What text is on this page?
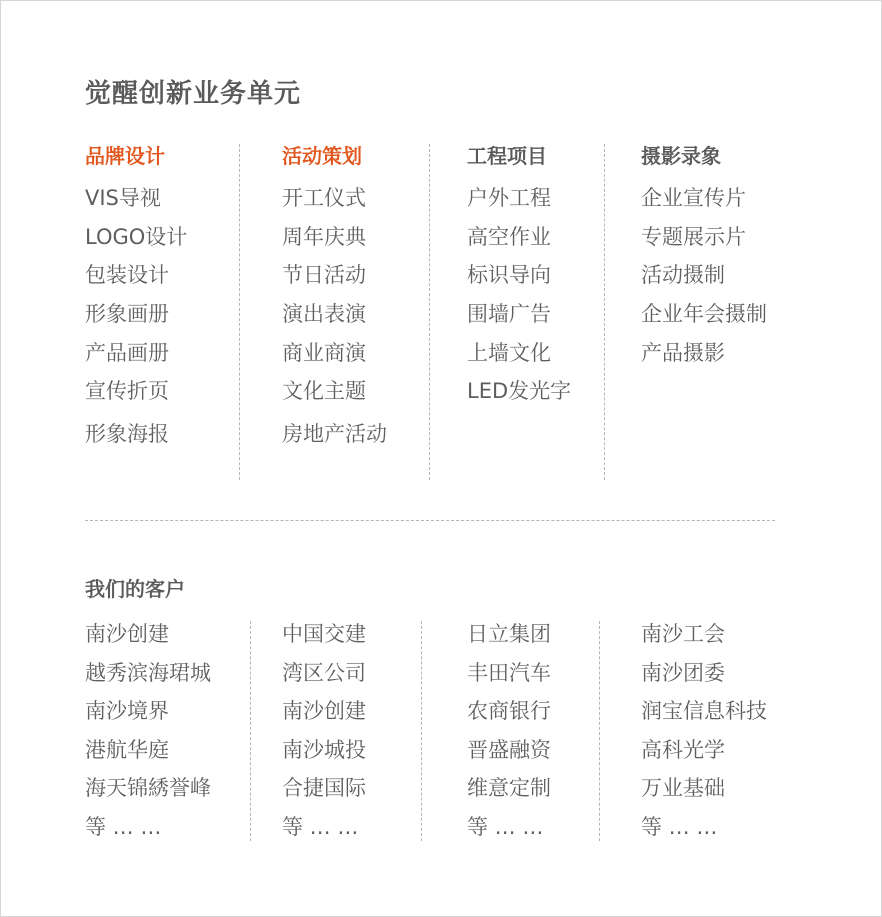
觉醒创新业务单元
品牌设计
VIS导视
LOGO设计
包装设计
形象画册
产品画册
宣传折页
形象海报
活动策划
开工仪式
周年庆典
节日活动
演出表演
商业商演
文化主题
房地产活动
工程项目
户外工程
高空作业
标识导向
围墙广告
上墙文化
LED发光字
摄影录象
企业宣传片
专题展示片
活动摄制
企业年会摄制
产品摄影
我们的客户
南沙创建
越秀滨海珺城
南沙境界
港航华庭
海天锦綉誉峰
等 … …
中国交建
湾区公司
南沙创建
南沙城投
合捷国际
等 … …
日立集团
丰田汽车
农商银行
晋盛融资
维意定制
等 … …
南沙工会
南沙团委
润宝信息科技
高科光学
万业基础
等 … …
